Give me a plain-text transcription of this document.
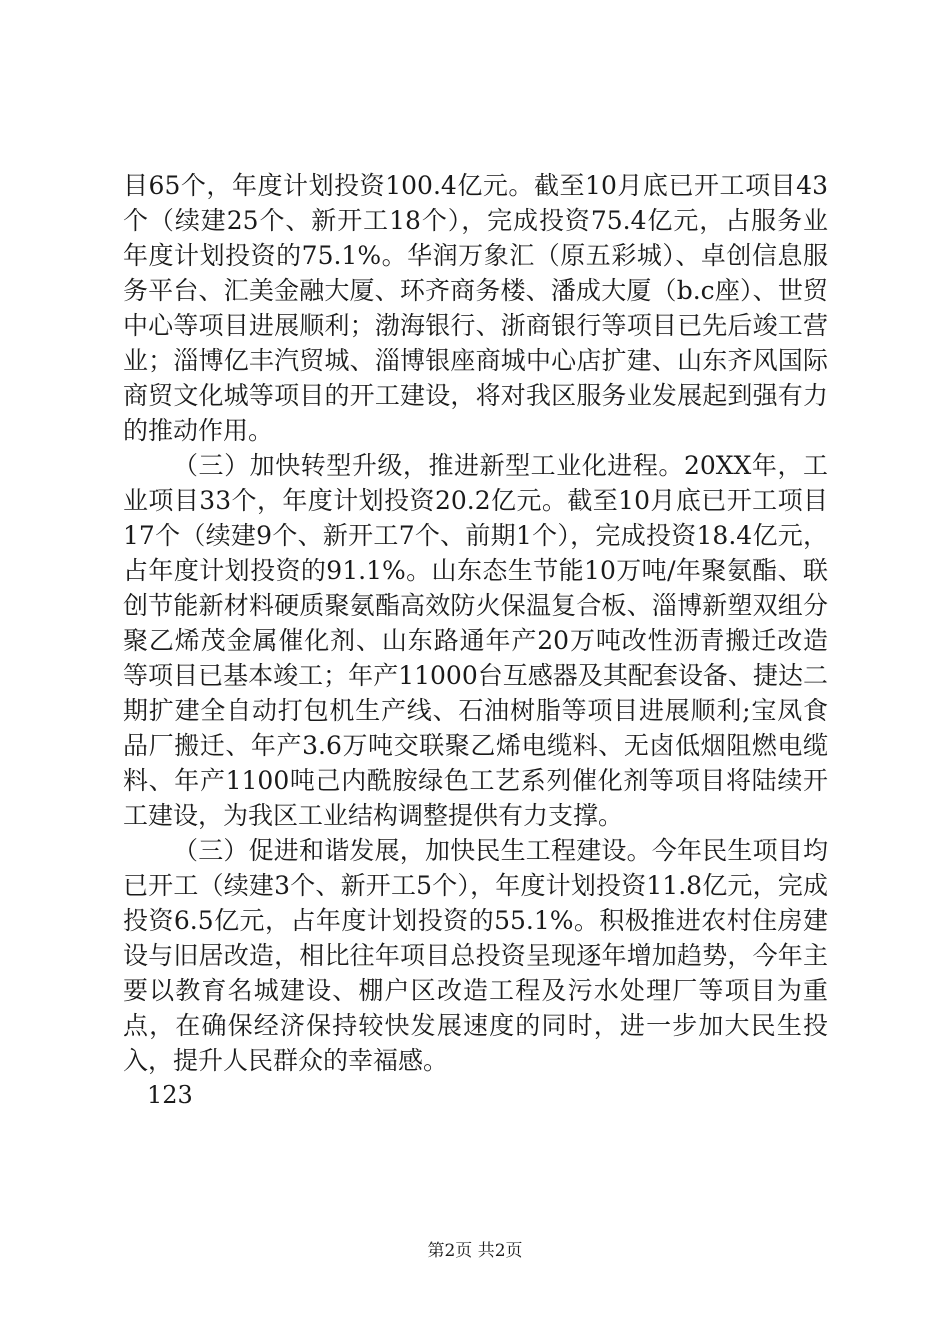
目65个，年度计划投资100.4亿元。截至10月底已开工项目43个（续建25个、新开工18个），完成投资75.4亿元，占服务业年度计划投资的75.1%。华润万象汇（原五彩城）、卓创信息服务平台、汇美金融大厦、环齐商务楼、潘成大厦（b.c座）、世贸中心等项目进展顺利；渤海银行、浙商银行等项目已先后竣工营业；淄博亿丰汽贸城、淄博银座商城中心店扩建、山东齐风国际商贸文化城等项目的开工建设，将对我区服务业发展起到强有力的推动作用。

（三）加快转型升级，推进新型工业化进程。20XX年，工业项目33个，年度计划投资20.2亿元。截至10月底已开工项目17个（续建9个、新开工7个、前期1个），完成投资18.4亿元，占年度计划投资的91.1%。山东态生节能10万吨/年聚氨酯、联创节能新材料硬质聚氨酯高效防火保温复合板、淄博新塑双组分聚乙烯茂金属催化剂、山东路通年产20万吨改性沥青搬迁改造等项目已基本竣工；年产11000台互感器及其配套设备、捷达二期扩建全自动打包机生产线、石油树脂等项目进展顺利;宝凤食品厂搬迁、年产3.6万吨交联聚乙烯电缆料、无卤低烟阻燃电缆料、年产1100吨己内酰胺绿色工艺系列催化剂等项目将陆续开工建设，为我区工业结构调整提供有力支撑。

（三）促进和谐发展，加快民生工程建设。今年民生项目均已开工（续建3个、新开工5个），年度计划投资11.8亿元，完成投资6.5亿元，占年度计划投资的55.1%。积极推进农村住房建设与旧居改造，相比往年项目总投资呈现逐年增加趋势，今年主要以教育名城建设、棚户区改造工程及污水处理厂等项目为重点，在确保经济保持较快发展速度的同时，进一步加大民生投入，提升人民群众的幸福感。

123

第2页 共2页
